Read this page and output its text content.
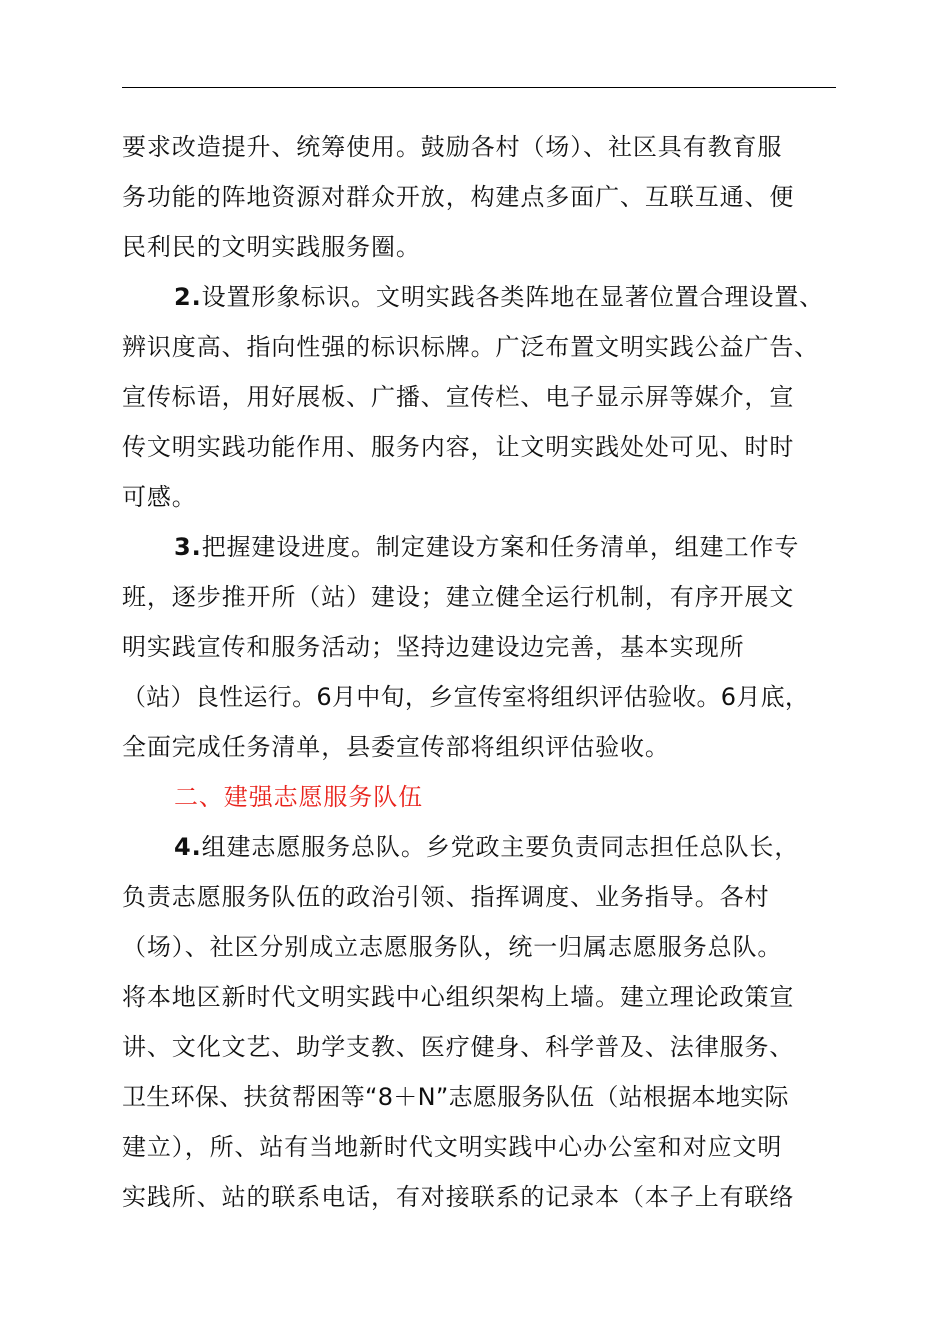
要求改造提升、统筹使用。鼓励各村（场）、社区具有教育服
务功能的阵地资源对群众开放，构建点多面广、互联互通、便
民利民的文明实践服务圈。
2.设置形象标识。文明实践各类阵地在显著位置合理设置、
辨识度高、指向性强的标识标牌。广泛布置文明实践公益广告、
宣传标语，用好展板、广播、宣传栏、电子显示屏等媒介，宣
传文明实践功能作用、服务内容，让文明实践处处可见、时时
可感。
3.把握建设进度。制定建设方案和任务清单，组建工作专
班，逐步推开所（站）建设；建立健全运行机制，有序开展文
明实践宣传和服务活动；坚持边建设边完善，基本实现所
（站）良性运行。6月中旬，乡宣传室将组织评估验收。6月底，
全面完成任务清单，县委宣传部将组织评估验收。
二、建强志愿服务队伍
4.组建志愿服务总队。乡党政主要负责同志担任总队长，
负责志愿服务队伍的政治引领、指挥调度、业务指导。各村
（场）、社区分别成立志愿服务队，统一归属志愿服务总队。
将本地区新时代文明实践中心组织架构上墙。建立理论政策宣
讲、文化文艺、助学支教、医疗健身、科学普及、法律服务、
卫生环保、扶贫帮困等“8＋N”志愿服务队伍（站根据本地实际
建立），所、站有当地新时代文明实践中心办公室和对应文明
实践所、站的联系电话，有对接联系的记录本（本子上有联络
